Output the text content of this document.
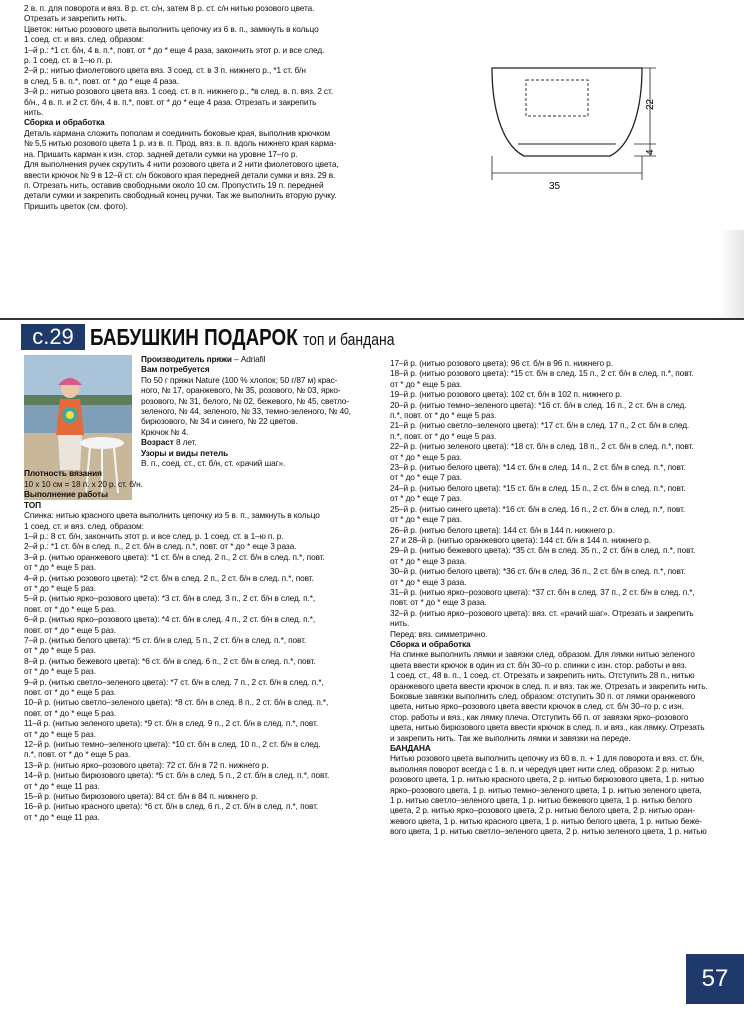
2 в. п. для поворота и вяз. 8 р. ст. с/н, затем 8 р. ст. с/н нитью розового цвета.

Отрезать и закрепить нить.

Цветок: нитью розового цвета выполнить цепочку из 6 в. п., замкнуть в кольцо

1 соед. ст. и вяз. след. образом:

1–й р.: *1 ст. б/н, 4 в. п.*, повт. от * до * еще 4 раза, закончить этот р. и все след.

р. 1 соед. ст. в 1–ю п. р.

2–й р.: нитью фиолетового цвета вяз. 3 соед. ст. в 3 п. нижнего р., *1 ст. б/н

в след. 5 в. п.*, повт. от * до * еще 4 раза.

3–й р.: нитью розового цвета вяз. 1 соед. ст. в п. нижнего р., *в след. в. п. вяз. 2 ст.

б/н., 4 в. п. и 2 ст. б/н, 4 в. п.*, повт. от * до * еще 4 раза. Отрезать и закрепить

нить.

Сборка и обработка

Деталь кармана сложить пополам и соединить боковые края, выполнив крючком

№ 5,5 нитью розового цвета 1 р. из в. п. Прод. вяз. в. п. вдоль нижнего края карма-

на. Пришить карман к изн. стор. задней детали сумки на уровне 17–го р.

Для выполнения ручек скрутить 4 нити розового цвета и 2 нити фиолетового цвета,

ввести крючок № 9 в 12–й ст. с/н бокового края передней детали сумки и вяз. 29 в.

п. Отрезать нить, оставив свободными около 10 см. Пропустить 19 п. передней

детали сумки и закрепить свободный конец ручки. Так же выполнить вторую ручку.

Пришить цветок (см. фото).

22
4
35
с.29 БАБУШКИН ПОДАРОК топ и бандана

Производитель пряжи – Adriafil

Вам потребуется

По 50 г пряжи Nature (100 % хлопок; 50 г/87 м) крас-

ного, № 17, оранжевого, № 35, розового, № 03, ярко-

розового, № 31, белого, № 02, бежевого, № 45, светло-

зеленого, № 44, зеленого, № 33, темно-зеленого, № 40,

бирюзового, № 34 и синего, № 22 цветов.

Крючок № 4.

Возраст 8 лет.

Узоры и виды петель

В. п., соед. ст., ст. б/н, ст. «рачий шаг».

Плотность вязания

10 х 10 см = 18 п. х 20 р. ст. б/н.

Выполнение работы

ТОП

Спинка: нитью красного цвета выполнить цепочку из 5 в. п., замкнуть в кольцо

1 соед. ст. и вяз. след. образом:

1–й р.: 8 ст. б/н, закончить этот р. и все след. р. 1 соед. ст. в 1–ю п. р.

2–й р.: *1 ст. б/н в след. п., 2 ст. б/н в след. п.*, повт. от * до * еще 3 раза.

3–й р. (нитью оранжевого цвета): *1 ст. б/н в след. 2 п., 2 ст. б/н в след. п.*, повт.

от * до * еще 5 раз.

4–й р. (нитью розового цвета): *2 ст. б/н в след. 2 п., 2 ст. б/н в след. п.*, повт.

от * до * еще 5 раз.

5–й р. (нитью ярко–розового цвета): *3 ст. б/н в след. 3 п., 2 ст. б/н в след. п.*,

повт. от * до * еще 5 раз.

6–й р. (нитью ярко–розового цвета): *4 ст. б/н в след. 4 п., 2 ст. б/н в след. п.*,

повт. от * до * еще 5 раз.

7–й р. (нитью белого цвета): *5 ст. б/н в след. 5 п., 2 ст. б/н в след. п.*, повт.

от * до * еще 5 раз.

8–й р. (нитью бежевого цвета): *6 ст. б/н в след. 6 п., 2 ст. б/н в след. п.*, повт.

от * до * еще 5 раз.

9–й р. (нитью светло–зеленого цвета): *7 ст. б/н в след. 7 п., 2 ст. б/н в след. п.*,

повт. от * до * еще 5 раз.

10–й р. (нитью светло–зеленого цвета): *8 ст. б/н в след. 8 п., 2 ст. б/н в след. п.*,

повт. от * до * еще 5 раз.

11–й р. (нитью зеленого цвета): *9 ст. б/н в след. 9 п., 2 ст. б/н в след. п.*, повт.

от * до * еще 5 раз.

12–й р. (нитью темно–зеленого цвета): *10 ст. б/н в след. 10 п., 2 ст. б/н в след.

п.*, повт. от * до * еще 5 раз.

13–й р. (нитью ярко–розового цвета): 72 ст. б/н в 72 п. нижнего р.

14–й р. (нитью бирюзового цвета): *5 ст. б/н в след. 5 п., 2 ст. б/н в след. п.*, повт.

от * до * еще 11 раз.

15–й р. (нитью бирюзового цвета): 84 ст. б/н в 84 п. нижнего р.

16–й р. (нитью красного цвета): *6 ст. б/н в след. 6 п., 2 ст. б/н в след. п.*, повт.

от * до * еще 11 раз.

17–й р. (нитью розового цвета): 96 ст. б/н в 96 п. нижнего р.

18–й р. (нитью розового цвета): *15 ст. б/н в след. 15 п., 2 ст. б/н в след. п.*, повт.

от * до * еще 5 раз.

19–й р. (нитью розового цвета): 102 ст. б/н в 102 п. нижнего р.

20–й р. (нитью темно–зеленого цвета): *16 ст. б/н в след. 16 п., 2 ст. б/н в след.

п.*, повт. от * до * еще 5 раз.

21–й р. (нитью светло–зеленого цвета): *17 ст. б/н в след. 17 п., 2 ст. б/н в след.

п.*, повт. от * до * еще 5 раз.

22–й р. (нитью зеленого цвета): *18 ст. б/н в след. 18 п., 2 ст. б/н в след. п.*, повт.

от * до * еще 5 раз.

23–й р. (нитью белого цвета): *14 ст. б/н в след. 14 п., 2 ст. б/н в след. п.*, повт.

от * до * еще 7 раз.

24–й р. (нитью белого цвета): *15 ст. б/н в след. 15 п., 2 ст. б/н в след. п.*, повт.

от * до * еще 7 раз.

25–й р. (нитью синего цвета): *16 ст. б/н в след. 16 п., 2 ст. б/н в след. п.*, повт.

от * до * еще 7 раз.

26–й р. (нитью белого цвета): 144 ст. б/н в 144 п. нижнего р.

27 и 28–й р. (нитью оранжевого цвета): 144 ст. б/н в 144 п. нижнего р.

29–й р. (нитью бежевого цвета): *35 ст. б/н в след. 35 п., 2 ст. б/н в след. п.*, повт.

от * до * еще 3 раза.

30–й р. (нитью белого цвета): *36 ст. б/н в след. 36 п., 2 ст. б/н в след. п.*, повт.

от * до * еще 3 раза.

31–й р. (нитью ярко–розового цвета): *37 ст. б/н в след. 37 п., 2 ст. б/н в след. п.*,

повт. от * до * еще 3 раза.

32–й р. (нитью ярко–розового цвета): вяз. ст. «рачий шаг». Отрезать и закрепить

нить.

Перед: вяз. симметрично.

Сборка и обработка

На спинке выполнить лямки и завязки след. образом. Для лямки нитью зеленого

цвета ввести крючок в один из ст. б/н 30–го р. спинки с изн. стор. работы и вяз.

1 соед. ст., 48 в. п., 1 соед. ст. Отрезать и закрепить нить. Отступить 28 п., нитью

оранжевого цвета ввести крючок в след. п. и вяз. так же. Отрезать и закрепить нить.

Боковые завязки выполнить след. образом: отступить 30 п. от лямки оранжевого

цвета, нитью ярко–розового цвета ввести крючок в след. ст. б/н 30–го р. с изн.

стор. работы и вяз., как лямку плеча. Отступить 66 п. от завязки ярко–розового

цвета, нитью бирюзового цвета ввести крючок в след. п. и вяз., как лямку. Отрезать

и закрепить нить. Так же выполнить лямки и завязки на переде.

БАНДАНА

Нитью розового цвета выполнить цепочку из 60 в. п. + 1 для поворота и вяз. ст. б/н,

выполняя поворот всегда с 1 в. п. и чередуя цвет нити след. образом: 2 р. нитью

розового цвета, 1 р. нитью красного цвета, 2 р. нитью бирюзового цвета, 1 р. нитью

ярко–розового цвета, 1 р. нитью темно–зеленого цвета, 1 р. нитью зеленого цвета,

1 р. нитью светло–зеленого цвета, 1 р. нитью бежевого цвета, 1 р. нитью белого

цвета, 2 р. нитью ярко–розового цвета, 2 р. нитью белого цвета, 2 р. нитью оран-

жевого цвета, 1 р. нитью красного цвета, 1 р. нитью белого цвета, 1 р. нитью беже-

вого цвета, 1 р. нитью светло–зеленого цвета, 2 р. нитью зеленого цвета, 1 р. нитью

57
